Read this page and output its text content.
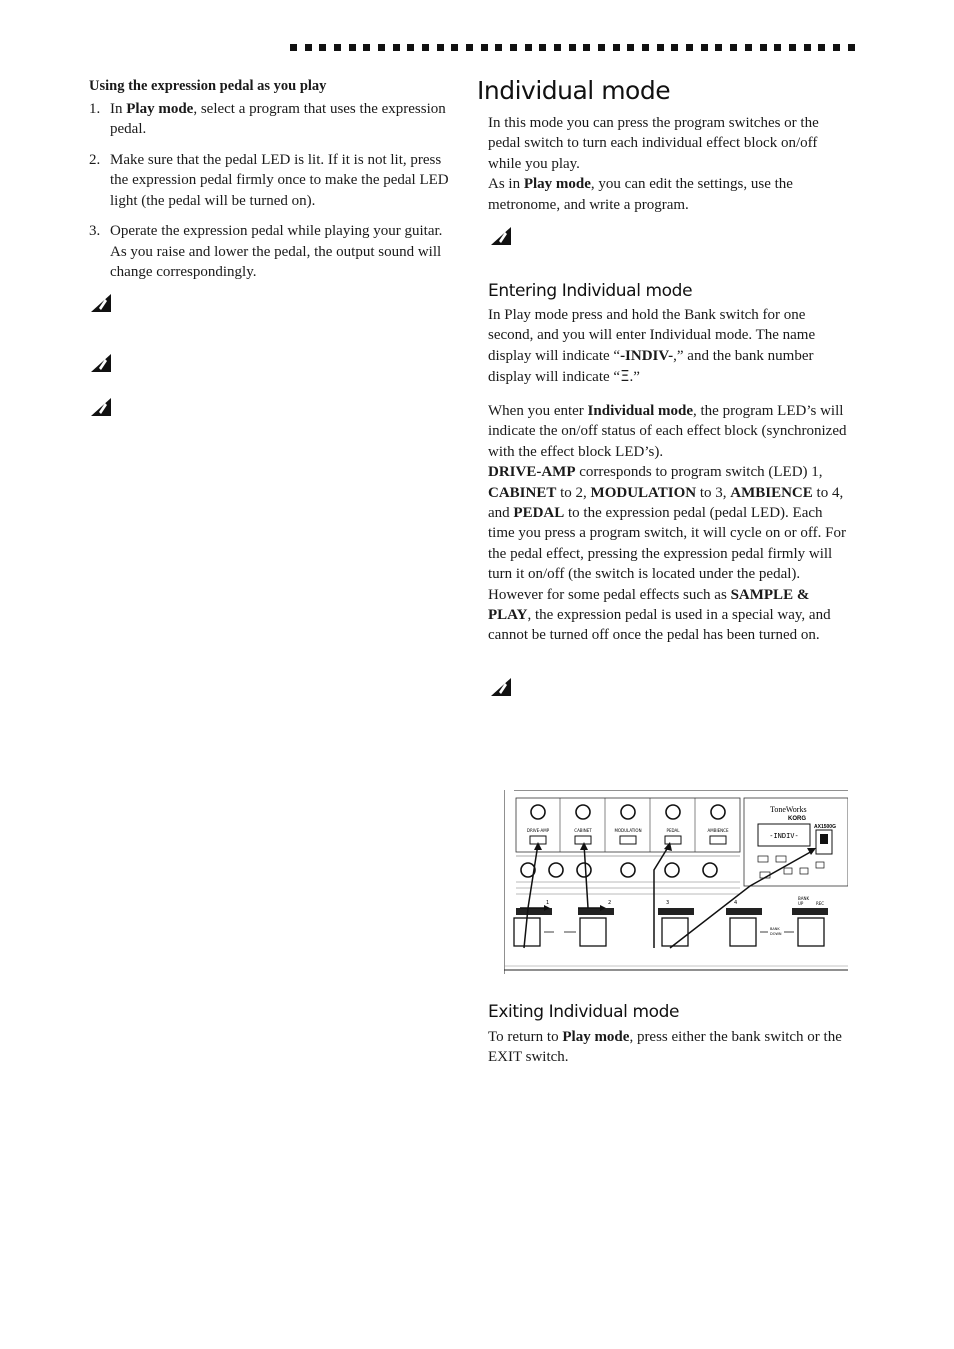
Using the expression pedal as you play
1. In Play mode, select a program that uses the expression pedal.
2. Make sure that the pedal LED is lit. If it is not lit, press the expression pedal firmly once to make the pedal LED light (the pedal will be turned on).
3. Operate the expression pedal while playing your guitar. As you raise and lower the pedal, the output sound will change correspondingly.
Individual mode

In this mode you can press the program switches or the pedal switch to turn each individual effect block on/off while you play.
As in Play mode, you can edit the settings, use the metronome, and write a program.

Entering Individual mode

In Play mode press and hold the Bank switch for one second, and you will enter Individual mode. The name display will indicate “-INDIV-,” and the bank number display will indicate “Ξ.”

When you enter Individual mode, the program LED’s will indicate the on/off status of each effect block (synchronized with the effect block LED’s).
DRIVE-AMP corresponds to program switch (LED) 1, CABINET to 2, MODULATION to 3, AMBIENCE to 4, and PEDAL to the expression pedal (pedal LED). Each time you press a program switch, it will cycle on or off. For the pedal effect, pressing the expression pedal firmly will turn it on/off (the switch is located under the pedal). However for some pedal effects such as SAMPLE & PLAY, the expression pedal is used in a special way, and cannot be turned off once the pedal has been turned on.

DRIVE-AMP	CABINET	MODULATION	PEDAL	AMBIENCE
ToneWorks
KORG
AX1500G
-INDIV-
1	2	3	4
BANK
UP	REC
BANK
DOWN
Exiting Individual mode

To return to Play mode, press either the bank switch or the EXIT switch.
